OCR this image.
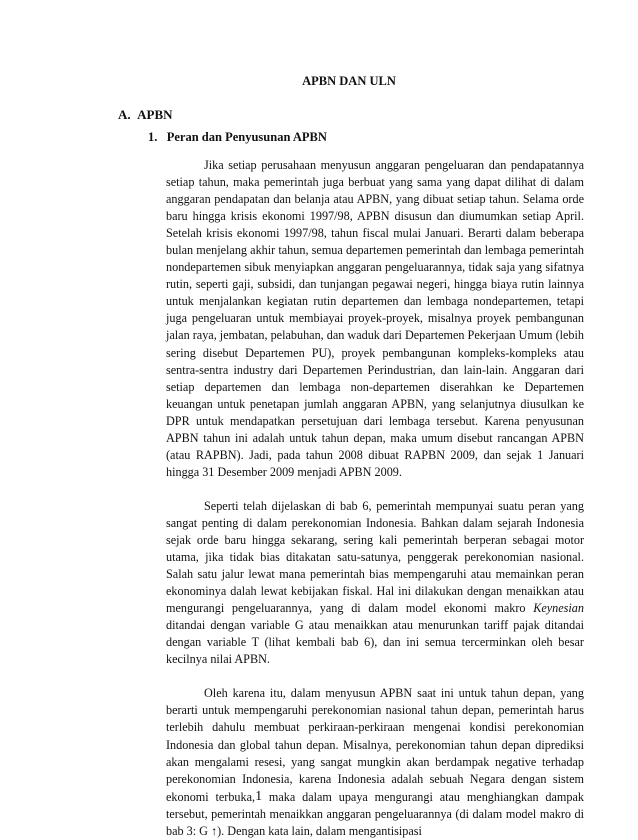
APBN DAN ULN
A. APBN
1. Peran dan Penyusunan APBN

Jika setiap perusahaan menyusun anggaran pengeluaran dan pendapatannya setiap tahun, maka pemerintah juga berbuat yang sama yang dapat dilihat di dalam anggaran pendapatan dan belanja atau APBN, yang dibuat setiap tahun. Selama orde baru hingga krisis ekonomi 1997/98, APBN disusun dan diumumkan setiap April. Setelah krisis ekonomi 1997/98, tahun fiscal mulai Januari. Berarti dalam beberapa bulan menjelang akhir tahun, semua departemen pemerintah dan lembaga pemerintah nondepartemen sibuk menyiapkan anggaran pengeluarannya, tidak saja yang sifatnya rutin, seperti gaji, subsidi, dan tunjangan pegawai negeri, hingga biaya rutin lainnya untuk menjalankan kegiatan rutin departemen dan lembaga nondepartemen, tetapi juga pengeluaran untuk membiayai proyek-proyek, misalnya proyek pembangunan jalan raya, jembatan, pelabuhan, dan waduk dari Departemen Pekerjaan Umum (lebih sering disebut Departemen PU), proyek pembangunan kompleks-kompleks atau sentra-sentra industry dari Departemen Perindustrian, dan lain-lain. Anggaran dari setiap departemen dan lembaga non-departemen diserahkan ke Departemen keuangan untuk penetapan jumlah anggaran APBN, yang selanjutnya diusulkan ke DPR untuk mendapatkan persetujuan dari lembaga tersebut. Karena penyusunan APBN tahun ini adalah untuk tahun depan, maka umum disebut rancangan APBN (atau RAPBN). Jadi, pada tahun 2008 dibuat RAPBN 2009, dan sejak 1 Januari hingga 31 Desember 2009 menjadi APBN 2009.

Seperti telah dijelaskan di bab 6, pemerintah mempunyai suatu peran yang sangat penting di dalam perekonomian Indonesia. Bahkan dalam sejarah Indonesia sejak orde baru hingga sekarang, sering kali pemerintah berperan sebagai motor utama, jika tidak bias ditakatan satu-satunya, penggerak perekonomian nasional. Salah satu jalur lewat mana pemerintah bias mempengaruhi atau memainkan peran ekonominya dalah lewat kebijakan fiskal. Hal ini dilakukan dengan menaikkan atau mengurangi pengeluarannya, yang di dalam model ekonomi makro Keynesian ditandai dengan variable G atau menaikkan atau menurunkan tariff pajak ditandai dengan variable T (lihat kembali bab 6), dan ini semua tercerminkan oleh besar kecilnya nilai APBN.

Oleh karena itu, dalam menyusun APBN saat ini untuk tahun depan, yang berarti untuk mempengaruhi perekonomian nasional tahun depan, pemerintah harus terlebih dahulu membuat perkiraan-perkiraan mengenai kondisi perekonomian Indonesia dan global tahun depan. Misalnya, perekonomian tahun depan diprediksi akan mengalami resesi, yang sangat mungkin akan berdampak negative terhadap perekonomian Indonesia, karena Indonesia adalah sebuah Negara dengan sistem ekonomi terbuka,1 maka dalam upaya mengurangi atau menghiangkan dampak tersebut, pemerintah menaikkan anggaran pengeluarannya (di dalam model makro di bab 3: G ↑). Dengan kata lain, dalam mengantisipasi
